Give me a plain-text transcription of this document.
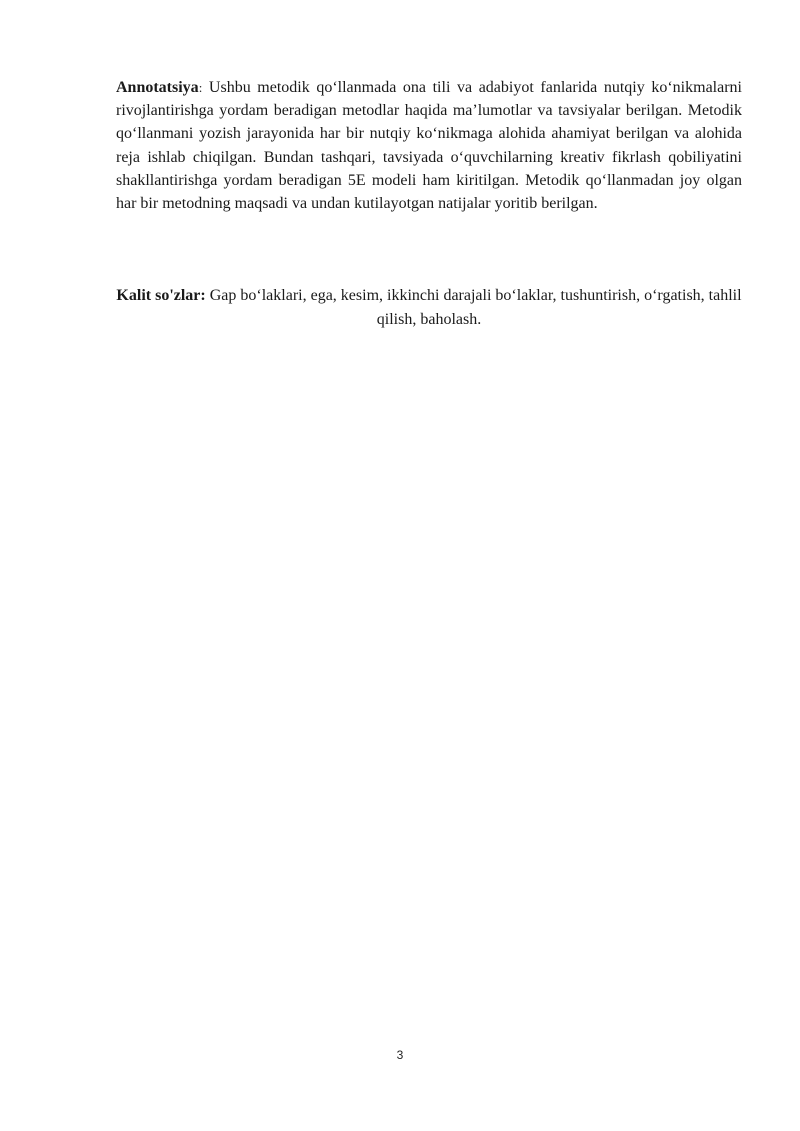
Annotatsiya: Ushbu metodik qo‘llanmada ona tili va adabiyot fanlarida nutqiy ko‘nikmalarni rivojlantirishga yordam beradigan metodlar haqida ma’lumotlar va tavsiyalar berilgan. Metodik qo‘llanmani yozish jarayonida har bir nutqiy ko‘nikmaga alohida ahamiyat berilgan va alohida reja ishlab chiqilgan. Bundan tashqari, tavsiyada o‘quvchilarning kreativ fikrlash qobiliyatini shakllantirishga yordam beradigan 5E modeli ham kiritilgan. Metodik qo‘llanmadan joy olgan har bir metodning maqsadi va undan kutilayotgan natijalar yoritib berilgan.

Kalit so'zlar: Gap bo‘laklari, ega, kesim, ikkinchi darajali bo‘laklar, tushuntirish, o‘rgatish, tahlil qilish, baholash.

3
